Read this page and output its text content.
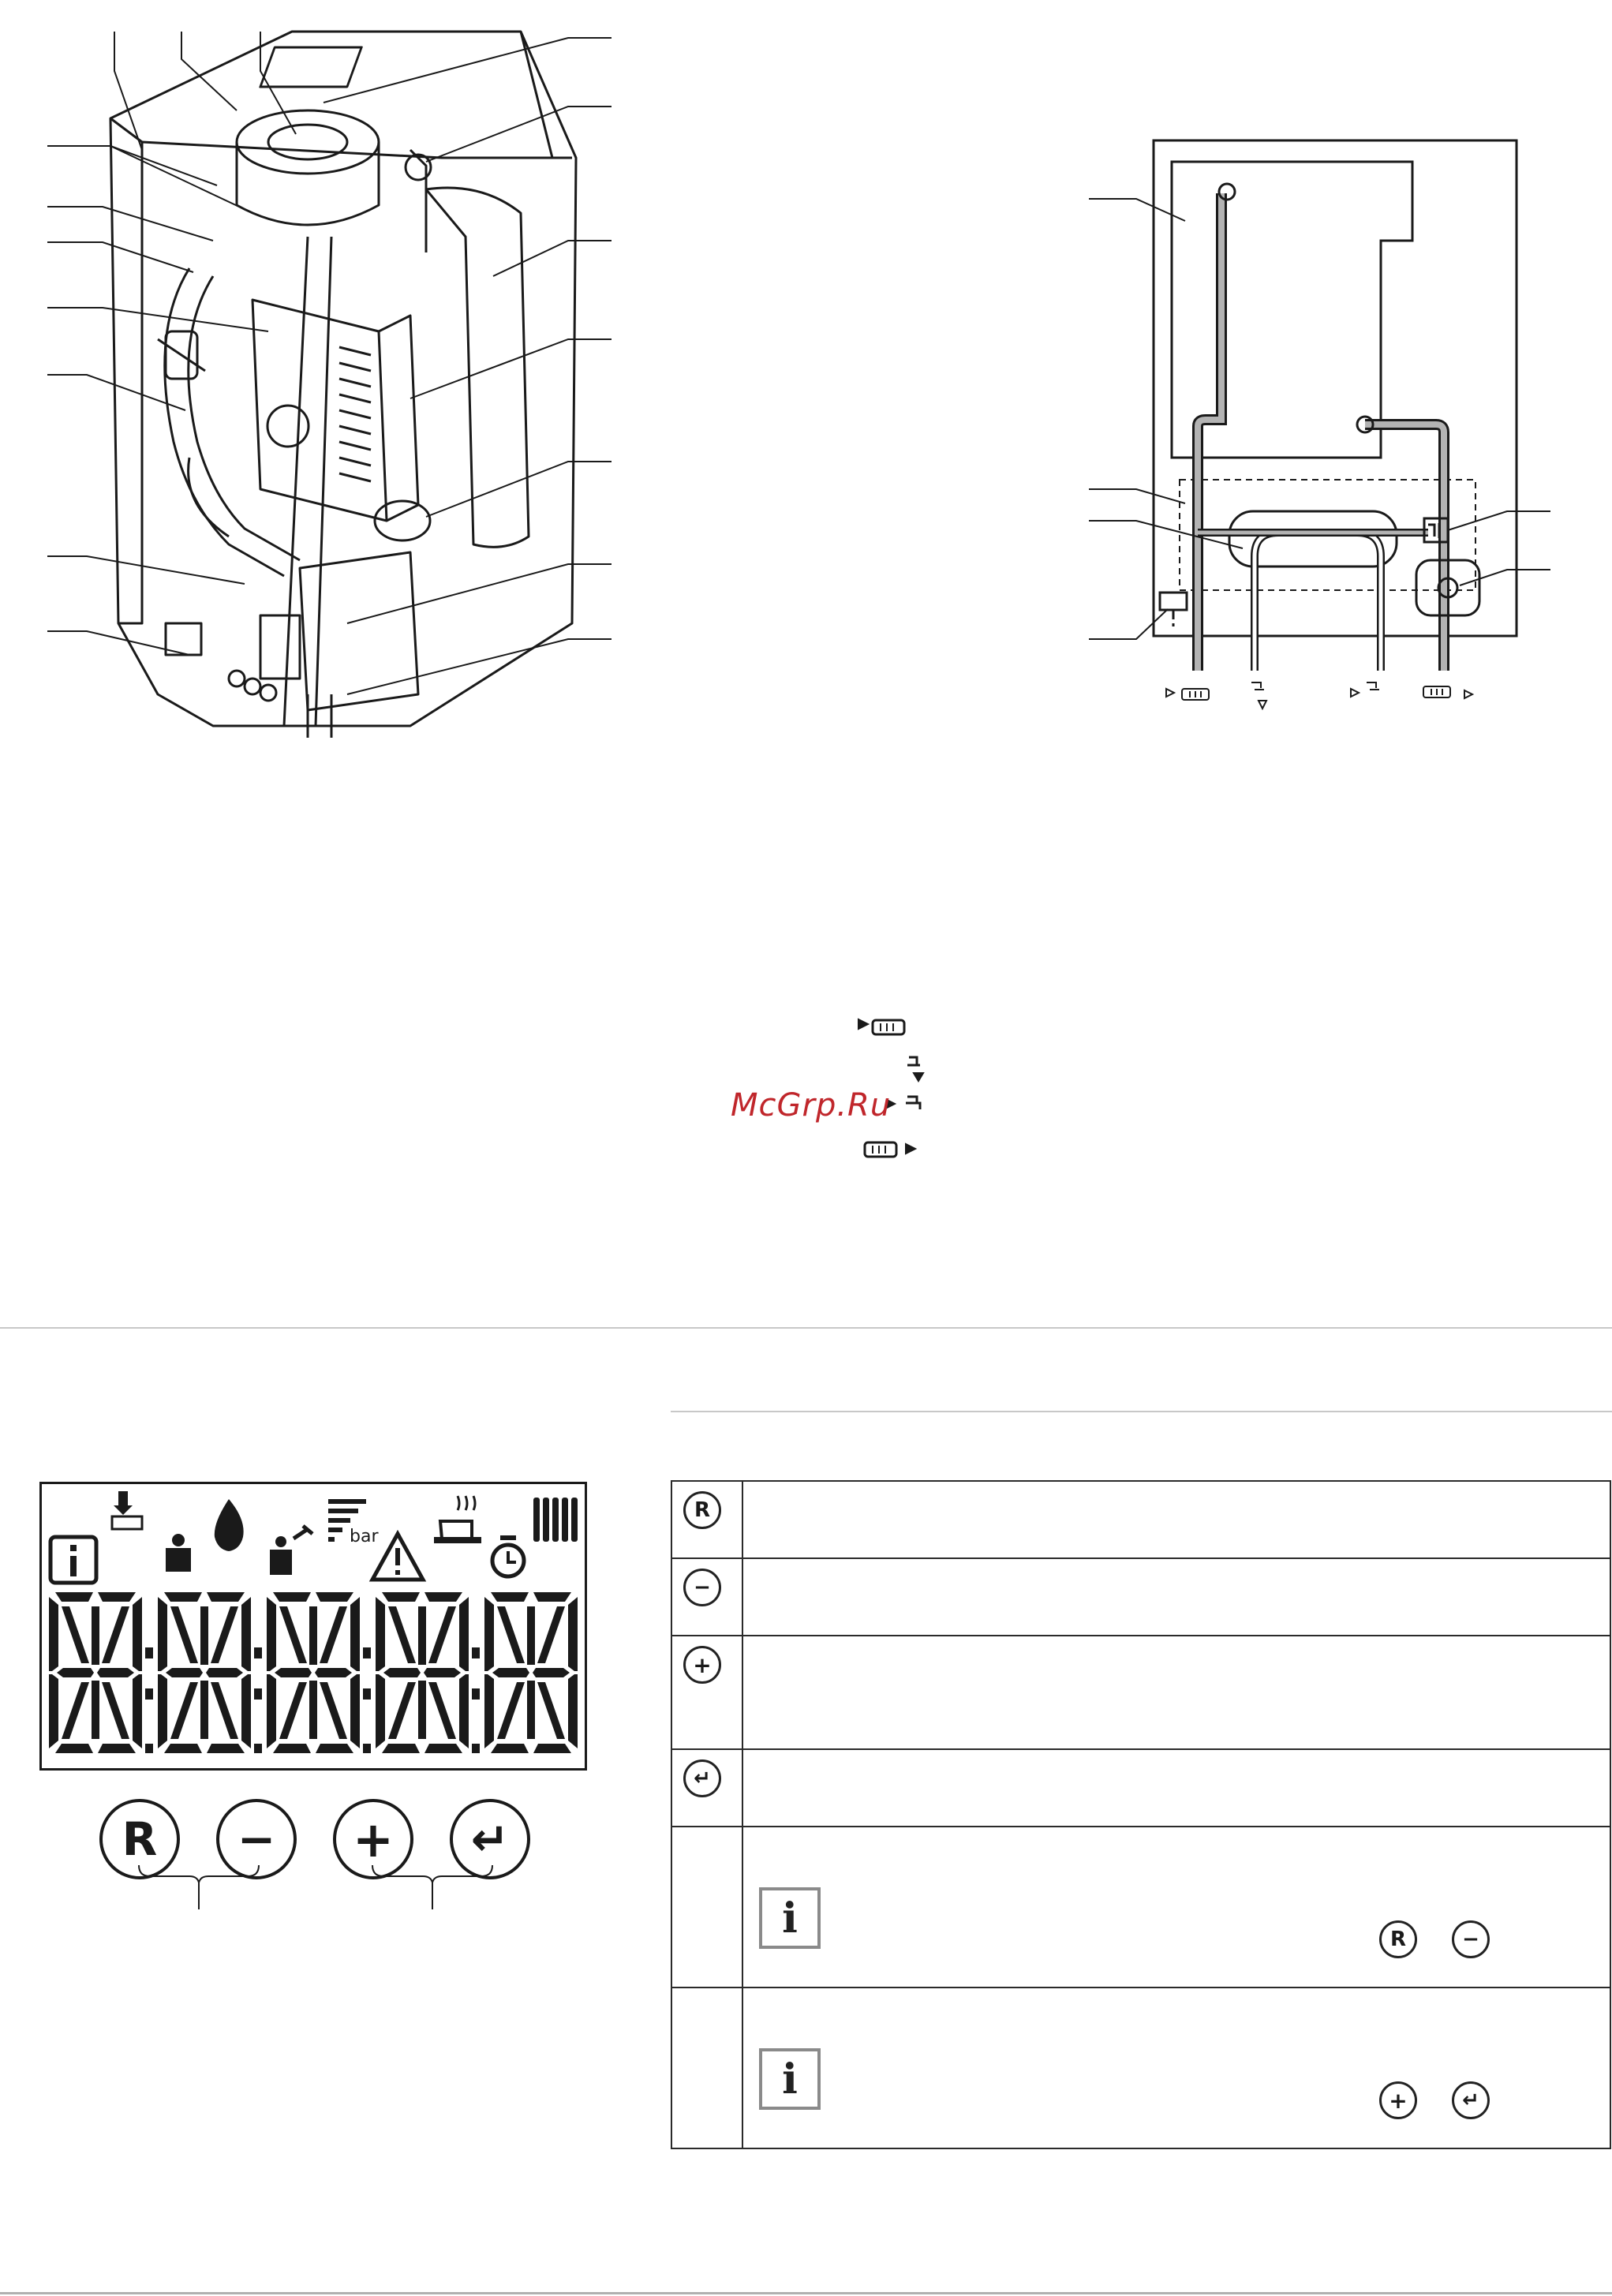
McGrp.Ru
bar
R − + ↵
R	

−	

+	

↵	

	i R −

	i + ↵
